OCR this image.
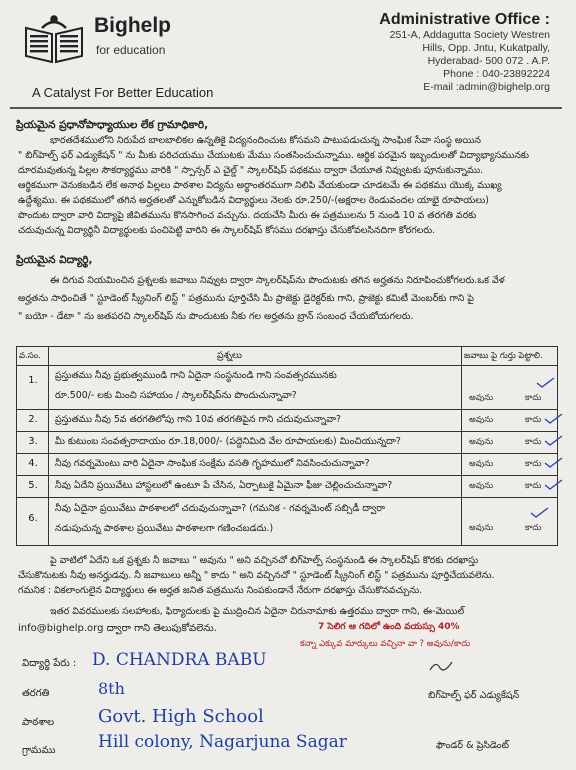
Bighelp
for education
A Catalyst For Better Education
Administrative Office :
251-A, Addagutta Society Westren
Hills, Opp. Jntu, Kukatpally,
Hyderabad- 500 072 . A.P.
Phone : 040-23892224
E-mail :admin@bighelp.org
ప్రియమైన ప్రధానోపాధ్యాయుల లేక గ్రామాధికారి,
భారతదేశములోని నిరుపేద బాలబాలికల ఉన్నతికై విద్యనందించుట కోసమని పాటుపడుచున్న సాంఘిక సేవా సంస్థ అయిన
" బిగ్‌హెల్ప్ ఫర్ ఎడ్యుకేషన్ " ను మీకు పరిచయము చేయుటకు మేము సంతసించుచున్నాము. ఆర్థిక పరమైన ఇబ్బందులతో విద్యాభ్యాసమునకు
దూరమవుతున్న పిల్లల సౌకర్యార్థము వారికి " స్పాన్సర్ ఎ చైల్డ్ " స్కాలర్‌షిప్ పథకము ద్వారా చేయూత నివ్వుటకు పూనుకున్నాము.
ఆర్థికముగా వెనుకబడిన లేక అనాథ పిల్లలు పాఠశాల విద్యను అర్థాంతరముగా నిలిపి వేయకుండా చూడటమే ఈ పథకము యొక్క ముఖ్య
ఉద్దేశ్యము. ఈ పథకములో తగిన అర్హతలతో ఎన్నుకోబడిన విద్యార్థులు నెలకు రూ.250/-(అక్షరాల రెండువందల యాభై రూపాయలు)
పొందుట ద్వారా వారి విద్యాపై జీవితమును కొనసాగించ వచ్చును. దయచేసి మీరు ఈ పత్రములను 5 నుండి 10 వ తరగతి వరకు
చదువుచున్న విద్యార్థినీ విద్యార్థులకు పంచిపెట్టి వారిని ఈ స్కాలర్‌షిప్ కోసము దరఖాస్తు చేసుకోవలసినదిగా కోరగలరు.
ప్రియమైన విద్యార్థి,
ఈ దిగువ నియమించిన ప్రశ్నలకు జవాబు నివ్వుట ద్వారా స్కాలర్‌షిప్‌ను పొందుటకు తగిన అర్హతను నిరూపించుకోగలరు.ఒక వేళ
అర్హతను సాధించితే " స్టూడెంట్ స్క్రీనింగ్ లిస్ట్ " పత్రమును పూర్తిచేసి మీ ప్రాజెక్టు డైరెక్టర్‌కు గాని, ప్రాజెక్టు కమిటీ మెంబర్‌కు గాని పై
" బయో - డేటా " ను జతపరచి స్కాలర్‌షిప్ ను పొందుటకు నీకు గల అర్హతను బ్రాన్ సంబంధ చేయబోయగలరు.
వ.సం.	ప్రశ్నలు	జవాబు పై గుర్తు పెట్టాలి.
1.	ప్రస్తుతము నీవు ప్రభుత్వముండి గాని ఏదైనా సంస్థనుండి గాని సంవత్సరమునకు
రూ.500/- లకు మించి సహాయం / స్కాలర్‌షిప్‌ను పొందుచున్నావా?	అవును	కాదు
2.	ప్రస్తుతము నీవు 5వ తరగతిలోపు గాని 10వ తరగతిపైన గాని చదువుచున్నావా?	అవును	కాదు
3.	మీ కుటుంబ సంవత్సరాదాయం రూ.18,000/- (పద్దెనిమిది వేల రూపాయలకు) మించియున్నదా?	అవును	కాదు
4.	నీవు గవర్నమెంటు వారి ఏదైనా సాంఘిక సంక్షేమ వసతి గృహములో నివసించుచున్నావా?	అవును	కాదు
5.	నీవు ఏదేని ప్రయివేటు హాస్టలులో ఉంటూ పే చేసిన, ఏర్పాటుకై ఏమైనా ఫీజు చెల్లించుచున్నావా?	అవును	కాదు
6.
నీవు ఏదైనా ప్రయివేటు పాఠశాలలో చదువుచున్నావా? (గమనిక - గవర్నమెంట్ సబ్సిడీ ద్వారా
నడుపుచున్న పాఠశాల ప్రయివేటు పాఠశాలగా గణించబడదు.)	అవును	కాదు
పై వాటిలో ఏదేని ఒక ప్రశ్నకు నీ జవాబు " అవును " అని వచ్చినచో బిగ్‌హెల్ప్ సంస్థనుండి ఈ స్కాలర్‌షిప్ కొరకు దరఖాస్తు
చేసుకొనుటకు నీవు అనర్హుడవు. నీ జవాబులు అన్నీ " కాదు " అని వచ్చినచో " స్టూడెంట్ స్క్రీనింగ్ లిస్ట్ " పత్రమును పూర్తిచేయవలెను.
గమనిక : వికలాంగులైన విద్యార్థులు ఈ అర్హత జనిత పత్రమును నింపకుండానే నేరుగా దరఖాస్తు చేసుకొనవచ్చును.
ఇతర వివరములకు సలహాలకు, ఫిర్యాదులకు పై ముద్రించిన ఏదైనా చిరునామాకు ఉత్తరము ద్వారా గాని, ఈ-మెయిల్
info@bighelp.org ద్వారా గాని తెలుపుకోవలెను.	7 సెలిగ ఆ గదిలో ఉంది వయస్సు 40%
కన్నా ఎక్కువ మార్కులు వచ్చినా వా ? అవును/కాదు
విద్యార్థి పేరు : D. CHANDRA BABU
తరగతి	8th
పాఠశాల Govt. High School
గ్రామము Hill colony, Nagarjuna Sagar
బిగ్‌హెల్ప్ ఫర్ ఎడ్యుకేషన్
ఫౌండర్ & ప్రెసిడెంట్
